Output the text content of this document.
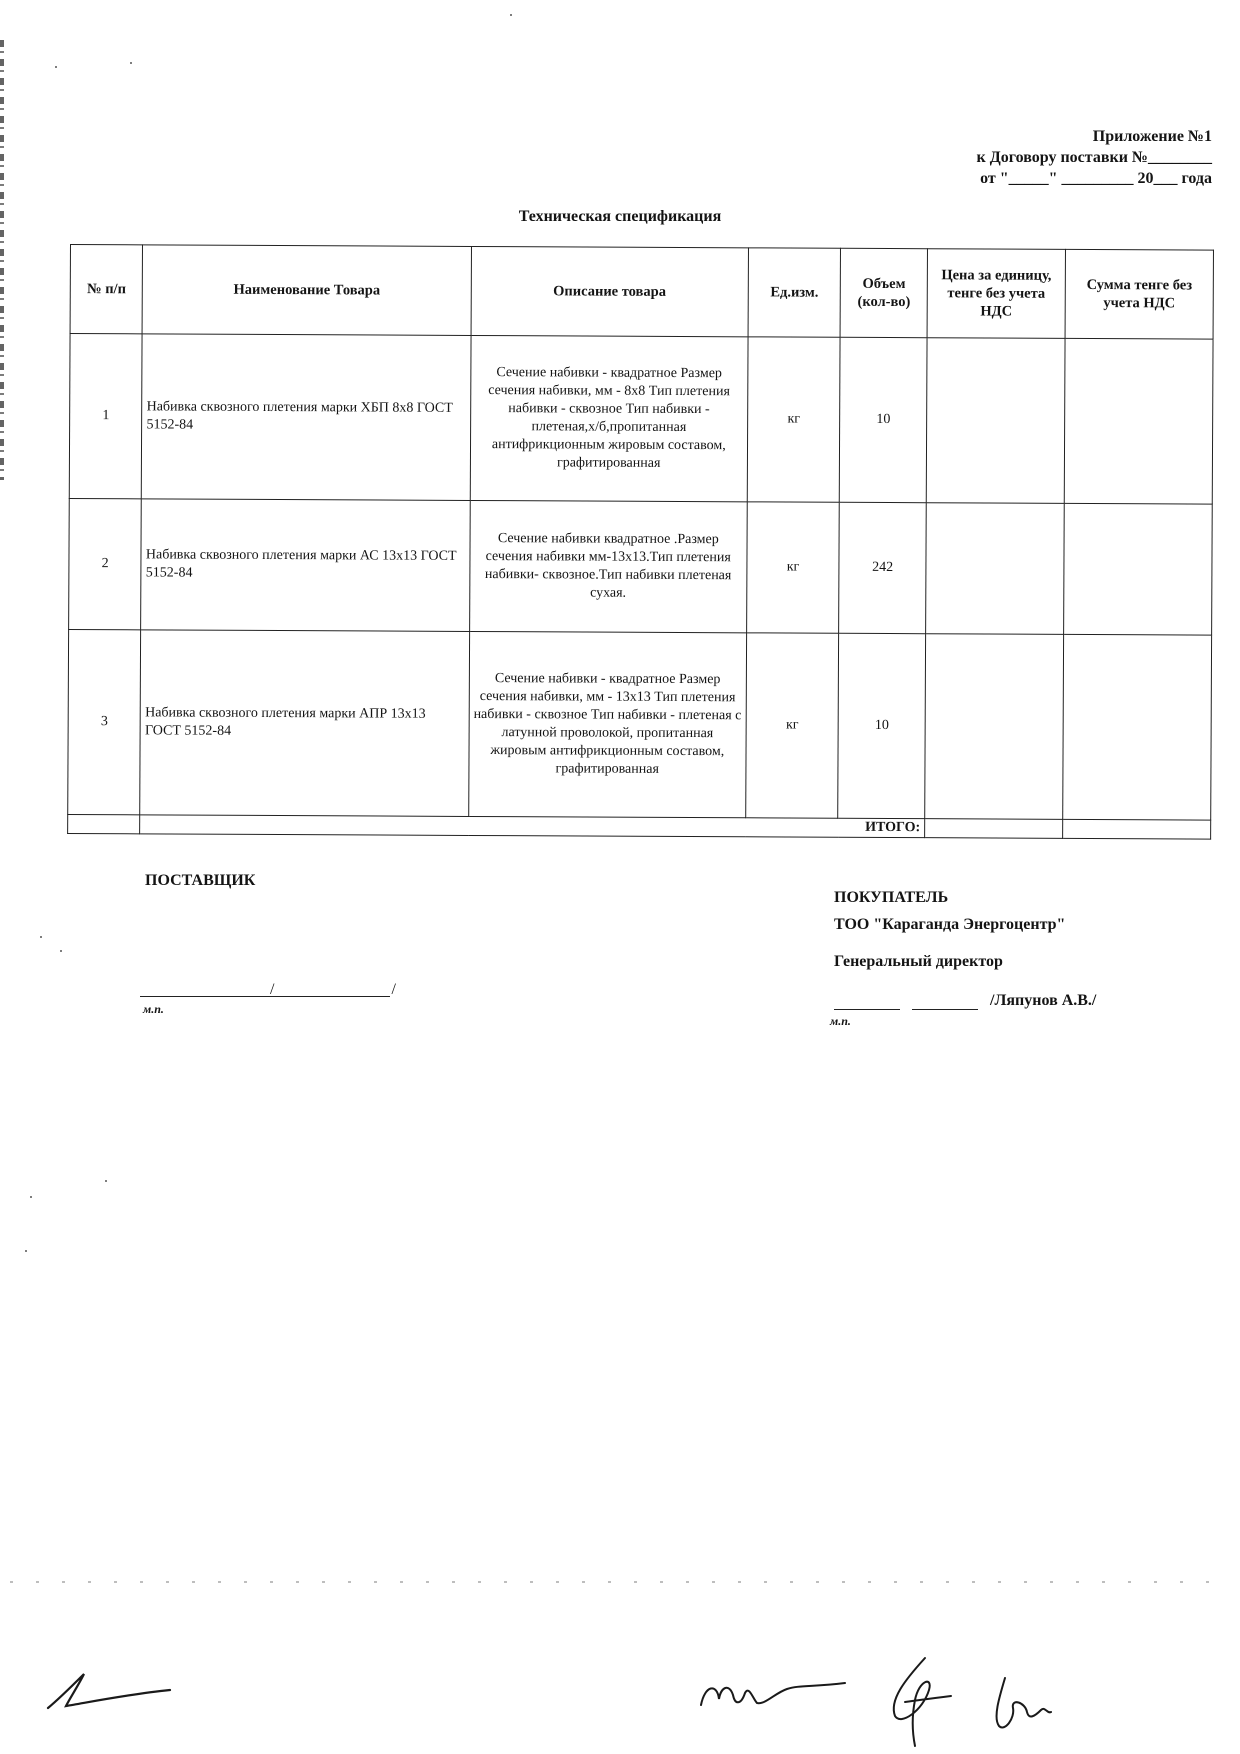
Приложение №1
к Договору поставки №________
от "_____" _________ 20___ года
Техническая спецификация
№ п/п	Наименование Товара	Описание товара	Ед.изм.	Объем (кол-во)	Цена за единицу, тенге без учета НДС	Сумма тенге без учета НДС
1	Набивка сквозного плетения марки ХБП 8х8 ГОСТ 5152-84	Сечение набивки - квадратное Размер сечения набивки, мм - 8х8 Тип плетения набивки - сквозное Тип набивки - плетеная,х/б,пропитанная антифрикционным жировым составом, графитированная	кг	10		
2	Набивка сквозного плетения марки АС 13х13 ГОСТ 5152-84	Сечение набивки квадратное .Размер сечения набивки мм-13х13.Тип плетения набивки- сквозное.Тип набивки плетеная сухая.	кг	242		
3	Набивка сквозного плетения марки АПР 13х13 ГОСТ 5152-84	Сечение набивки - квадратное Размер сечения набивки, мм - 13х13 Тип плетения набивки - сквозное Тип набивки - плетеная с латунной проволокой, пропитанная жировым антифрикционным составом, графитированная	кг	10		
	ИТОГО:					
ПОСТАВЩИК
/	/
м.п.
ПОКУПАТЕЛЬ
ТОО "Караганда Энергоцентр"
Генеральный директор
/Ляпунов А.В./
м.п.
